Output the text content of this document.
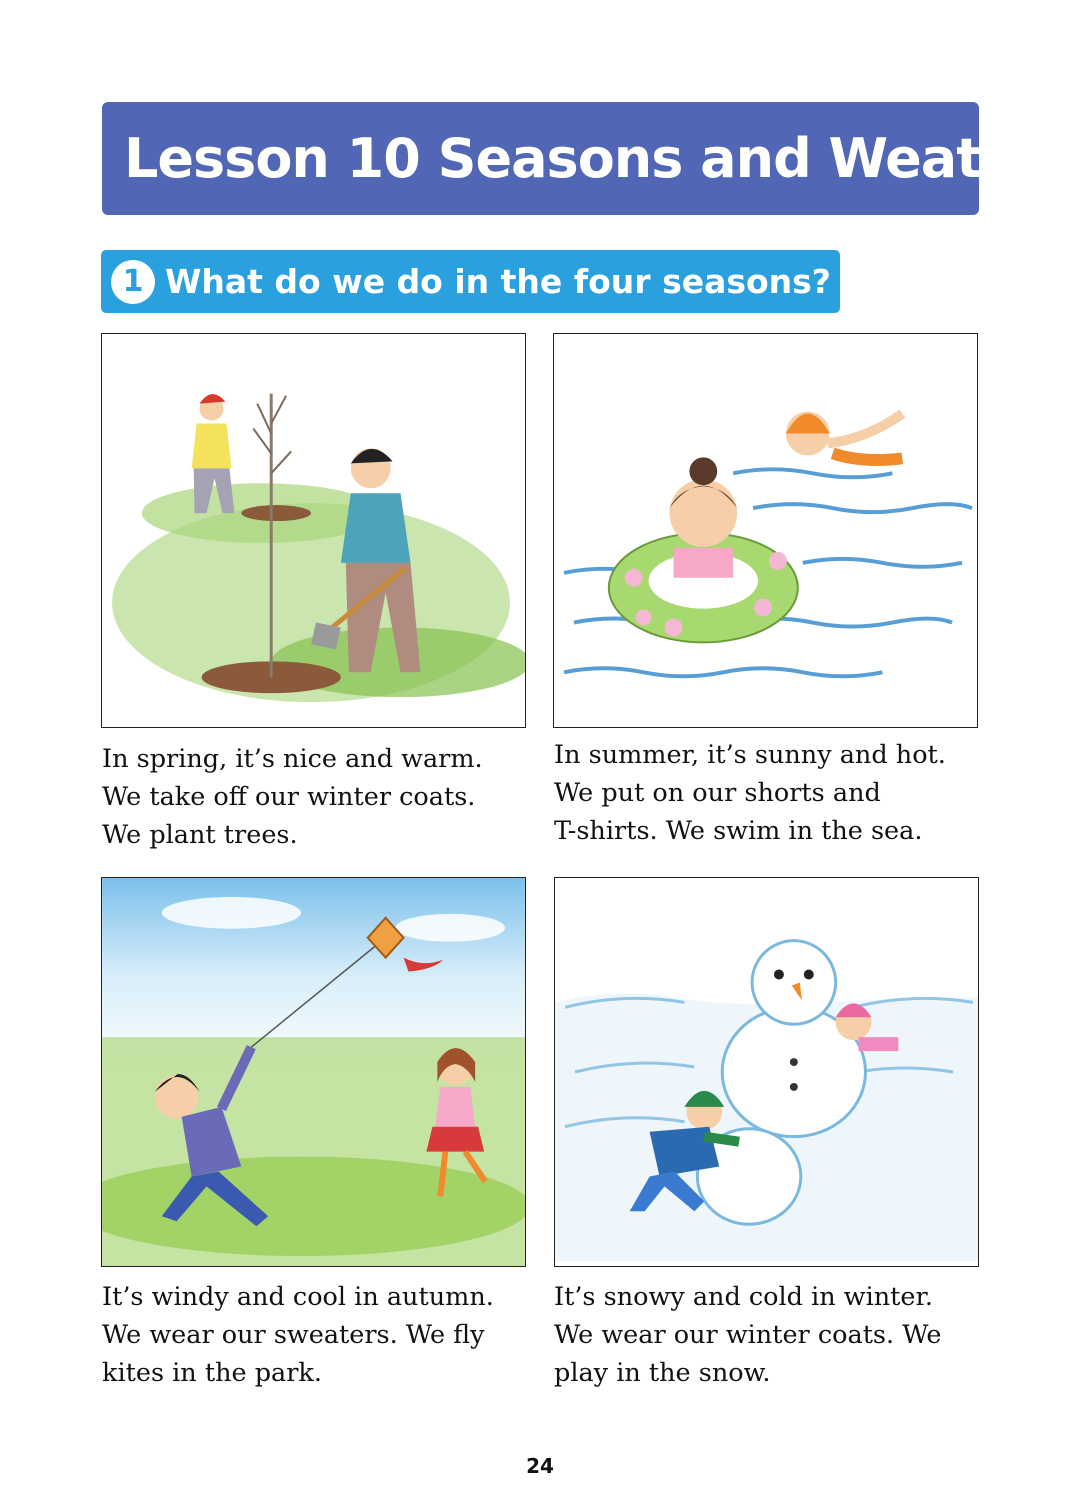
Lesson 10 Seasons and Weather
1 What do we do in the four seasons?
In spring, it’s nice and warm.
We take off our winter coats.
We plant trees.
In summer, it’s sunny and hot.
We put on our shorts and
T-shirts. We swim in the sea.
It’s windy and cool in autumn.
We wear our sweaters. We fly
kites in the park.
It’s snowy and cold in winter.
We wear our winter coats. We
play in the snow.
24
